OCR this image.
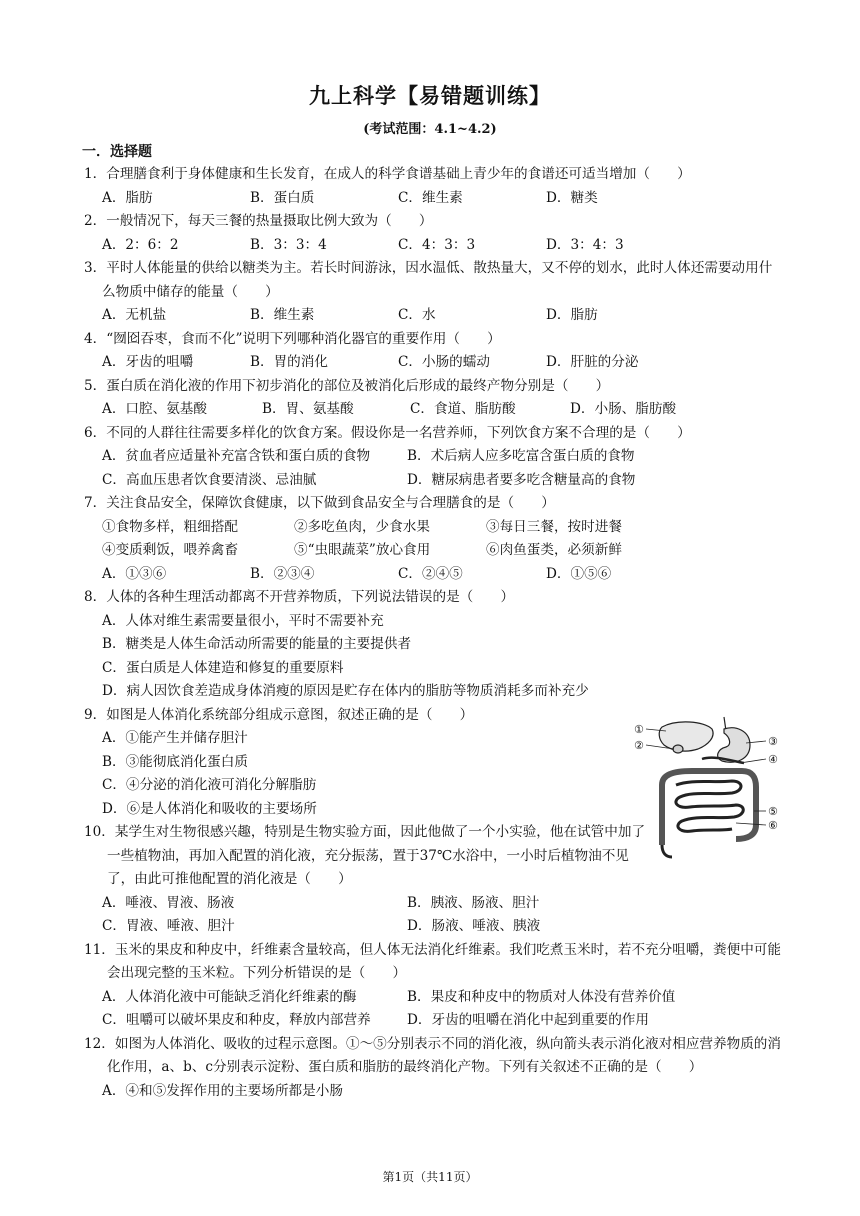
九上科学【易错题训练】
(考试范围：4.1~4.2)
一．选择题
1．合理膳食利于身体健康和生长发育，在成人的科学食谱基础上青少年的食谱还可适当增加（　　）
A．脂肪	B．蛋白质	C．维生素	D．糖类
2．一般情况下，每天三餐的热量摄取比例大致为（　　）
A．2：6：2	B．3：3：4	C．4：3：3	D．3：4：3
3．平时人体能量的供给以糖类为主。若长时间游泳，因水温低、散热量大，又不停的划水，此时人体还需要动用什么物质中储存的能量（　　）
A．无机盐	B．维生素	C．水	D．脂肪
4．“囫囵吞枣，食而不化”说明下列哪种消化器官的重要作用（　　）
A．牙齿的咀嚼	B．胃的消化	C．小肠的蠕动	D．肝脏的分泌
5．蛋白质在消化液的作用下初步消化的部位及被消化后形成的最终产物分别是（　　）
A．口腔、氨基酸	B．胃、氨基酸	C．食道、脂肪酸	D．小肠、脂肪酸
6．不同的人群往往需要多样化的饮食方案。假设你是一名营养师，下列饮食方案不合理的是（　　）
A．贫血者应适量补充富含铁和蛋白质的食物	B．术后病人应多吃富含蛋白质的食物
C．高血压患者饮食要清淡、忌油腻	D．糖尿病患者要多吃含糖量高的食物
7．关注食品安全，保障饮食健康，以下做到食品安全与合理膳食的是（　　）
①食物多样，粗细搭配	②多吃鱼肉，少食水果	③每日三餐，按时进餐
④变质剩饭，喂养禽畜	⑤“虫眼蔬菜”放心食用	⑥肉鱼蛋类，必须新鲜
A．①③⑥	B．②③④	C．②④⑤	D．①⑤⑥
8．人体的各种生理活动都离不开营养物质，下列说法错误的是（　　）
A．人体对维生素需要量很小，平时不需要补充
B．糖类是人体生命活动所需要的能量的主要提供者
C．蛋白质是人体建造和修复的重要原料
D．病人因饮食差造成身体消瘦的原因是贮存在体内的脂肪等物质消耗多而补充少
9．如图是人体消化系统部分组成示意图，叙述正确的是（　　）
A．①能产生并储存胆汁
B．③能彻底消化蛋白质
C．④分泌的消化液可消化分解脂肪
D．⑥是人体消化和吸收的主要场所
10．某学生对生物很感兴趣，特别是生物实验方面，因此他做了一个小实验，他在试管中加了一些植物油，再加入配置的消化液，充分振荡，置于37℃水浴中，一小时后植物油不见了，由此可推他配置的消化液是（　　）
A．唾液、胃液、肠液	B．胰液、肠液、胆汁
C．胃液、唾液、胆汁	D．肠液、唾液、胰液
11．玉米的果皮和种皮中，纤维素含量较高，但人体无法消化纤维素。我们吃煮玉米时，若不充分咀嚼，粪便中可能会出现完整的玉米粒。下列分析错误的是（　　）
A．人体消化液中可能缺乏消化纤维素的酶	B．果皮和种皮中的物质对人体没有营养价值
C．咀嚼可以破坏果皮和种皮，释放内部营养	D．牙齿的咀嚼在消化中起到重要的作用
12．如图为人体消化、吸收的过程示意图。①～⑤分别表示不同的消化液，纵向箭头表示消化液对相应营养物质的消化作用，a、b、c分别表示淀粉、蛋白质和脂肪的最终消化产物。下列有关叙述不正确的是（　　）
A．④和⑤发挥作用的主要场所都是小肠
①
②	③
④
⑤
⑥
第1页（共11页）
